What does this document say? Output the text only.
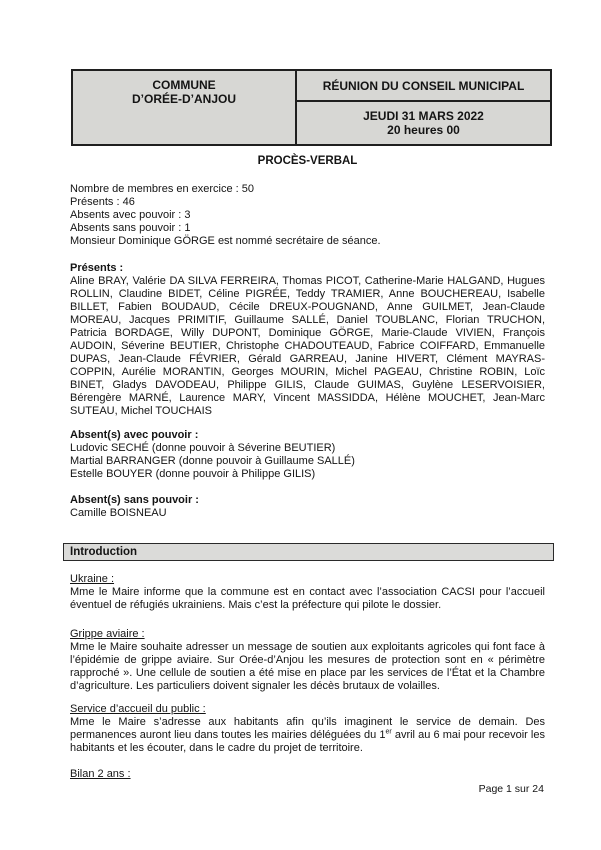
COMMUNE
D’ORÉE-D’ANJOU
RÉUNION DU CONSEIL MUNICIPAL
JEUDI 31 MARS 2022
20 heures 00
PROCÈS-VERBAL
Nombre de membres en exercice : 50
Présents : 46
Absents avec pouvoir : 3
Absents sans pouvoir : 1
Monsieur Dominique GÖRGE est nommé secrétaire de séance.
Présents :

Aline BRAY, Valérie DA SILVA FERREIRA, Thomas PICOT, Catherine-Marie HALGAND, Hugues ROLLIN, Claudine BIDET, Céline PIGRÉE, Teddy TRAMIER, Anne BOUCHEREAU, Isabelle BILLET, Fabien BOUDAUD, Cécile DREUX-POUGNAND, Anne GUILMET, Jean-Claude MOREAU, Jacques PRIMITIF, Guillaume SALLÉ, Daniel TOUBLANC, Florian TRUCHON, Patricia BORDAGE, Willy DUPONT, Dominique GÖRGE, Marie-Claude VIVIEN, François AUDOIN, Séverine BEUTIER, Christophe CHADOUTEAUD, Fabrice COIFFARD, Emmanuelle DUPAS, Jean-Claude FÉVRIER, Gérald GARREAU, Janine HIVERT, Clément MAYRAS-COPPIN, Aurélie MORANTIN, Georges MOURIN, Michel PAGEAU, Christine ROBIN, Loïc BINET, Gladys DAVODEAU, Philippe GILIS, Claude GUIMAS, Guylène LESERVOISIER, Bérengère MARNÉ, Laurence MARY, Vincent MASSIDDA, Hélène MOUCHET, Jean-Marc SUTEAU, Michel TOUCHAIS

Absent(s) avec pouvoir :
Ludovic SECHÉ (donne pouvoir à Séverine BEUTIER)
Martial BARRANGER (donne pouvoir à Guillaume SALLÉ)
Estelle BOUYER (donne pouvoir à Philippe GILIS)
Absent(s) sans pouvoir :
Camille BOISNEAU
Introduction

Ukraine :

Mme le Maire informe que la commune est en contact avec l’association CACSI pour l’accueil éventuel de réfugiés ukrainiens. Mais c’est la préfecture qui pilote le dossier.

Grippe aviaire :

Mme le Maire souhaite adresser un message de soutien aux exploitants agricoles qui font face à l’épidémie de grippe aviaire. Sur Orée-d’Anjou les mesures de protection sont en « périmètre rapproché ». Une cellule de soutien a été mise en place par les services de l’État et la Chambre d’agriculture. Les particuliers doivent signaler les décès brutaux de volailles.

Service d’accueil du public :

Mme le Maire s’adresse aux habitants afin qu’ils imaginent le service de demain. Des permanences auront lieu dans toutes les mairies déléguées du 1er avril au 6 mai pour recevoir les habitants et les écouter, dans le cadre du projet de territoire.

Bilan 2 ans :

Page 1 sur 24
